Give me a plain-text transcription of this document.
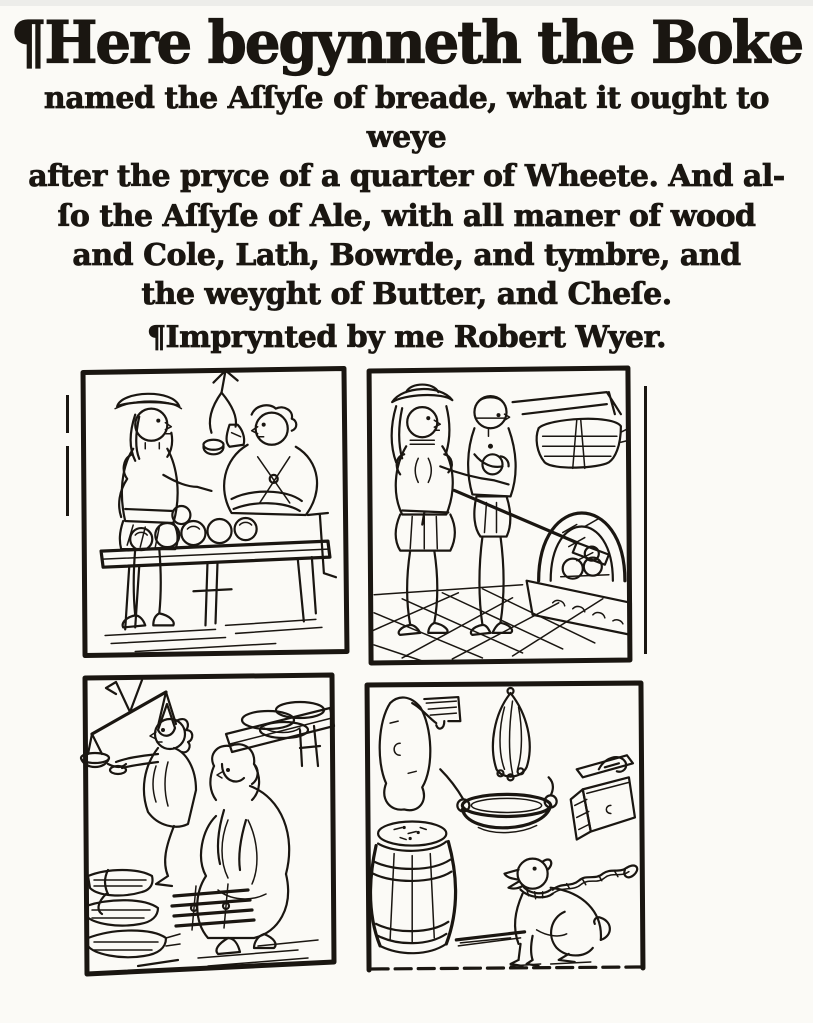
¶Here begynneth the Boke

named the Aſſyſe of breade, what it ought to weye

after the pryce of a quarter of Wheete. And al-

ſo the Aſſyſe of Ale, with all maner of wood

and Cole, Lath, Bowrde, and tymbre, and

the weyght of Butter, and Cheſe.

¶Imprynted by me Robert Wyer.
